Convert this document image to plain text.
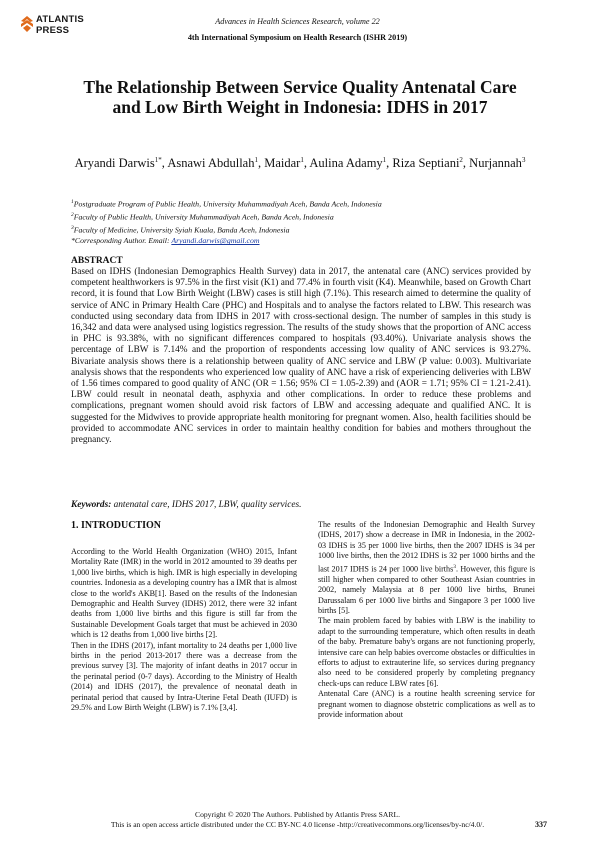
ATLANTIS
PRESS
Advances in Health Sciences Research, volume 22
4th International Symposium on Health Research (ISHR 2019)
The Relationship Between Service Quality Antenatal Care and Low Birth Weight in Indonesia: IDHS in 2017
Aryandi Darwis$^{1*}$, Asnawi Abdullah$^1$, Maidar$^1$, Aulina Adamy$^1$, Riza Septiani$^2$, Nurjannah$^3$
$^1$Postgraduate Program of Public Health, University Muhammadiyah Aceh, Banda Aceh, Indonesia
$^2$Faculty of Public Health, University Muhammadiyah Aceh, Banda Aceh, Indonesia
$^3$Faculty of Medicine, University Syiah Kuala, Banda Aceh, Indonesia
*Corresponding Author. Email: Aryandi.darwis@gmail.com
ABSTRACT
Based on IDHS (Indonesian Demographics Health Survey) data in 2017, the antenatal care (ANC) services provided by competent healthworkers is 97.5% in the first visit (K1) and 77.4% in fourth visit (K4). Meanwhile, based on Growth Chart record, it is found that Low Birth Weight (LBW) cases is still high (7.1%). This research aimed to determine the quality of service of ANC in Primary Health Care (PHC) and Hospitals and to analyse the factors related to LBW. This research was conducted using secondary data from IDHS in 2017 with cross-sectional design. The number of samples in this study is 16,342 and data were analysed using logistics regression. The results of the study shows that the proportion of ANC access in PHC is 93.38%, with no significant differences compared to hospitals (93.40%). Univariate analysis shows the percentage of LBW is 7.14% and the proportion of respondents accessing low quality of ANC services is 93.27%. Bivariate analysis shows there is a relationship between quality of ANC service and LBW (P value: 0.003). Multivariate analysis shows that the respondents who experienced low quality of ANC have a risk of experiencing deliveries with LBW of 1.56 times compared to good quality of ANC (OR = 1.56; 95% CI = 1.05-2.39) and (AOR = 1.71; 95% CI = 1.21-2.41). LBW could result in neonatal death, asphyxia and other complications. In order to reduce these problems and complications, pregnant women should avoid risk factors of LBW and accessing adequate and qualified ANC. It is suggested for the Midwives to provide appropriate health monitoring for pregnant women. Also, health facilities should be provided to accommodate ANC services in order to maintain healthy condition for babies and mothers throughout the pregnancy.
Keywords: antenatal care, IDHS 2017, LBW, quality services.
1. INTRODUCTION

According to the World Health Organization (WHO) 2015, Infant Mortality Rate (IMR) in the world in 2012 amounted to 39 deaths per 1,000 live births, which is high. IMR is high especially in developing countries. Indonesia as a developing country has a IMR that is almost close to the world's AKB[1]. Based on the results of the Indonesian Demographic and Health Survey (IDHS) 2012, there were 32 infant deaths from 1,000 live births and this figure is still far from the Sustainable Development Goals target that must be achieved in 2030 which is 12 deaths from 1,000 live births [2].

Then in the IDHS (2017), infant mortality to 24 deaths per 1,000 live births in the period 2013-2017 there was a decrease from the previous survey [3]. The majority of infant deaths in 2017 occur in the perinatal period (0-7 days). According to the Ministry of Health (2014) and IDHS (2017), the prevalence of neonatal death in perinatal period that caused by Intra-Uterine Fetal Death (IUFD) is 29.5% and Low Birth Weight (LBW) is 7.1% [3,4].

The results of the Indonesian Demographic and Health Survey (IDHS, 2017) show a decrease in IMR in Indonesia, in the 2002-03 IDHS is 35 per 1000 live births, then the 2007 IDHS is 34 per 1000 live births, then the 2012 IDHS is 32 per 1000 births and the last 2017 IDHS is 24 per 1000 live births$^3$. However, this figure is still higher when compared to other Southeast Asian countries in 2002, namely Malaysia at 8 per 1000 live births, Brunei Darussalam 6 per 1000 live births and Singapore 3 per 1000 live births [5].

The main problem faced by babies with LBW is the inability to adapt to the surrounding temperature, which often results in death of the baby. Premature baby's organs are not functioning properly, intensive care can help babies overcome obstacles or difficulties in efforts to adjust to extrauterine life, so services during pregnancy also need to be considered properly by completing pregnancy check-ups can reduce LBW rates [6].

Antenatal Care (ANC) is a routine health screening service for pregnant women to diagnose obstetric complications as well as to provide information about

Copyright © 2020 The Authors. Published by Atlantis Press SARL.
This is an open access article distributed under the CC BY-NC 4.0 license -http://creativecommons.org/licenses/by-nc/4.0/.	337
